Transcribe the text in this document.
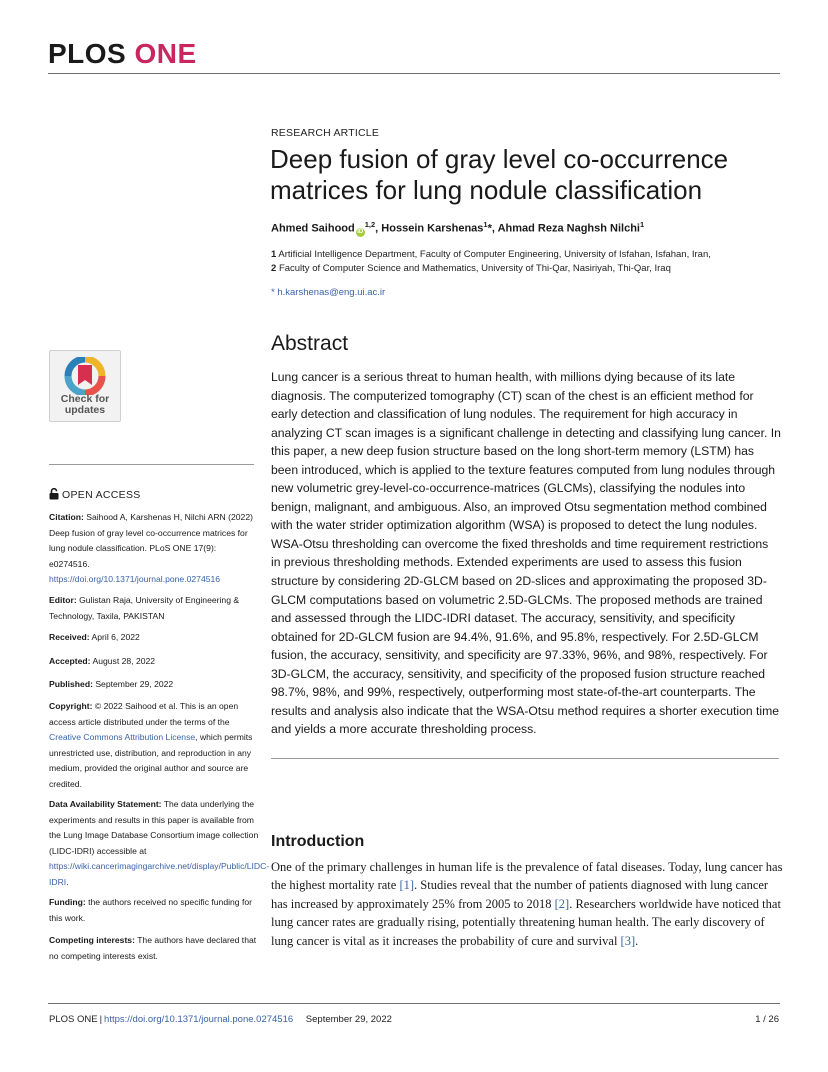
PLOS ONE
RESEARCH ARTICLE
Deep fusion of gray level co-occurrence matrices for lung nodule classification
Ahmed Saihood iD$^{1,2}$, Hossein Karshenas$^1$*, Ahmad Reza Naghsh Nilchi$^1$
1 Artificial Intelligence Department, Faculty of Computer Engineering, University of Isfahan, Isfahan, Iran,
2 Faculty of Computer Science and Mathematics, University of Thi-Qar, Nasiriyah, Thi-Qar, Iraq
* h.karshenas@eng.ui.ac.ir
Check for
updates
OPEN ACCESS
Citation: Saihood A, Karshenas H, Nilchi ARN (2022) Deep fusion of gray level co-occurrence matrices for lung nodule classification. PLoS ONE 17(9): e0274516. https://doi.org/10.1371/journal.pone.0274516
Editor: Gulistan Raja, University of Engineering & Technology, Taxila, PAKISTAN
Received: April 6, 2022
Accepted: August 28, 2022
Published: September 29, 2022
Copyright: © 2022 Saihood et al. This is an open access article distributed under the terms of the Creative Commons Attribution License, which permits unrestricted use, distribution, and reproduction in any medium, provided the original author and source are credited.
Data Availability Statement: The data underlying the experiments and results in this paper is available from the Lung Image Database Consortium image collection (LIDC-IDRI) accessible at https://wiki.cancerimagingarchive.net/display/Public/LIDC-IDRI.
Funding: the authors received no specific funding for this work.
Competing interests: The authors have declared that no competing interests exist.
Abstract
Lung cancer is a serious threat to human health, with millions dying because of its late diagnosis. The computerized tomography (CT) scan of the chest is an efficient method for early detection and classification of lung nodules. The requirement for high accuracy in analyzing CT scan images is a significant challenge in detecting and classifying lung cancer. In this paper, a new deep fusion structure based on the long short-term memory (LSTM) has been introduced, which is applied to the texture features computed from lung nodules through new volumetric grey-level-co-occurrence-matrices (GLCMs), classifying the nodules into benign, malignant, and ambiguous. Also, an improved Otsu segmentation method combined with the water strider optimization algorithm (WSA) is proposed to detect the lung nodules. WSA-Otsu thresholding can overcome the fixed thresholds and time requirement restrictions in previous thresholding methods. Extended experiments are used to assess this fusion structure by considering 2D-GLCM based on 2D-slices and approximating the proposed 3D-GLCM computations based on volumetric 2.5D-GLCMs. The proposed methods are trained and assessed through the LIDC-IDRI dataset. The accuracy, sensitivity, and specificity obtained for 2D-GLCM fusion are 94.4%, 91.6%, and 95.8%, respectively. For 2.5D-GLCM fusion, the accuracy, sensitivity, and specificity are 97.33%, 96%, and 98%, respectively. For 3D-GLCM, the accuracy, sensitivity, and specificity of the proposed fusion structure reached 98.7%, 98%, and 99%, respectively, outperforming most state-of-the-art counterparts. The results and analysis also indicate that the WSA-Otsu method requires a shorter execution time and yields a more accurate thresholding process.
Introduction
One of the primary challenges in human life is the prevalence of fatal diseases. Today, lung cancer has the highest mortality rate [1]. Studies reveal that the number of patients diagnosed with lung cancer has increased by approximately 25% from 2005 to 2018 [2]. Researchers worldwide have noticed that lung cancer rates are gradually rising, potentially threatening human health. The early discovery of lung cancer is vital as it increases the probability of cure and survival [3].
PLOS ONE | https://doi.org/10.1371/journal.pone.0274516 September 29, 2022	1 / 26
